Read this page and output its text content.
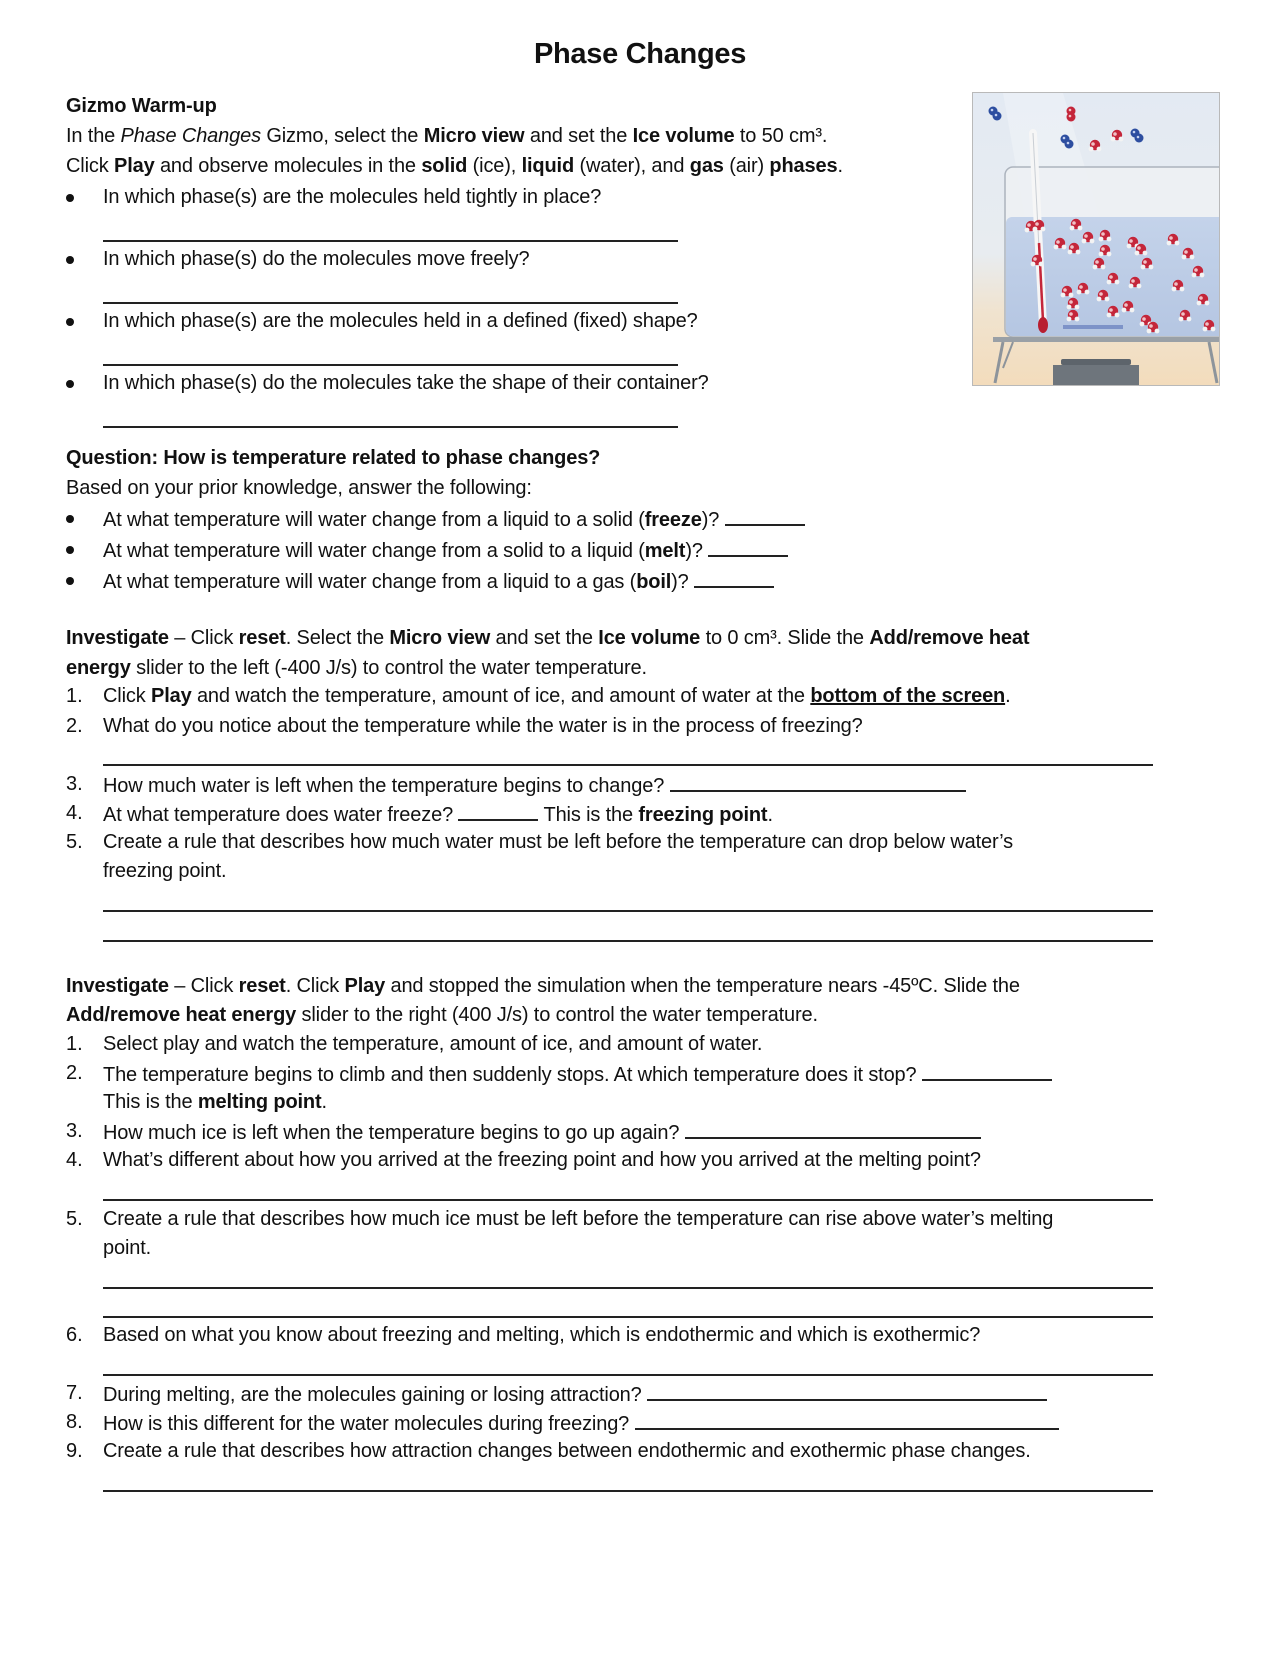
Phase Changes
Gizmo Warm-up
In the Phase Changes Gizmo, select the Micro view and set the Ice volume to 50 cm³.
Click Play and observe molecules in the solid (ice), liquid (water), and gas (air) phases.
In which phase(s) are the molecules held tightly in place?
In which phase(s) do the molecules move freely?
In which phase(s) are the molecules held in a defined (fixed) shape?
In which phase(s) do the molecules take the shape of their container?
Question: How is temperature related to phase changes?
Based on your prior knowledge, answer the following:
At what temperature will water change from a liquid to a solid (freeze)?
At what temperature will water change from a solid to a liquid (melt)?
At what temperature will water change from a liquid to a gas (boil)?
Investigate – Click reset. Select the Micro view and set the Ice volume to 0 cm³. Slide the Add/remove heat
energy slider to the left (-400 J/s) to control the water temperature.
1. Click Play and watch the temperature, amount of ice, and amount of water at the bottom of the screen.
2. What do you notice about the temperature while the water is in the process of freezing?
3. How much water is left when the temperature begins to change?
4. At what temperature does water freeze?	This is the freezing point.
5. Create a rule that describes how much water must be left before the temperature can drop below water’s
freezing point.
Investigate – Click reset. Click Play and stopped the simulation when the temperature nears -45ºC. Slide the
Add/remove heat energy slider to the right (400 J/s) to control the water temperature.
1. Select play and watch the temperature, amount of ice, and amount of water.
2. The temperature begins to climb and then suddenly stops. At which temperature does it stop?
This is the melting point.
3. How much ice is left when the temperature begins to go up again?
4. What’s different about how you arrived at the freezing point and how you arrived at the melting point?
5. Create a rule that describes how much ice must be left before the temperature can rise above water’s melting
point.
6. Based on what you know about freezing and melting, which is endothermic and which is exothermic?
7. During melting, are the molecules gaining or losing attraction?
8. How is this different for the water molecules during freezing?
9. Create a rule that describes how attraction changes between endothermic and exothermic phase changes.
